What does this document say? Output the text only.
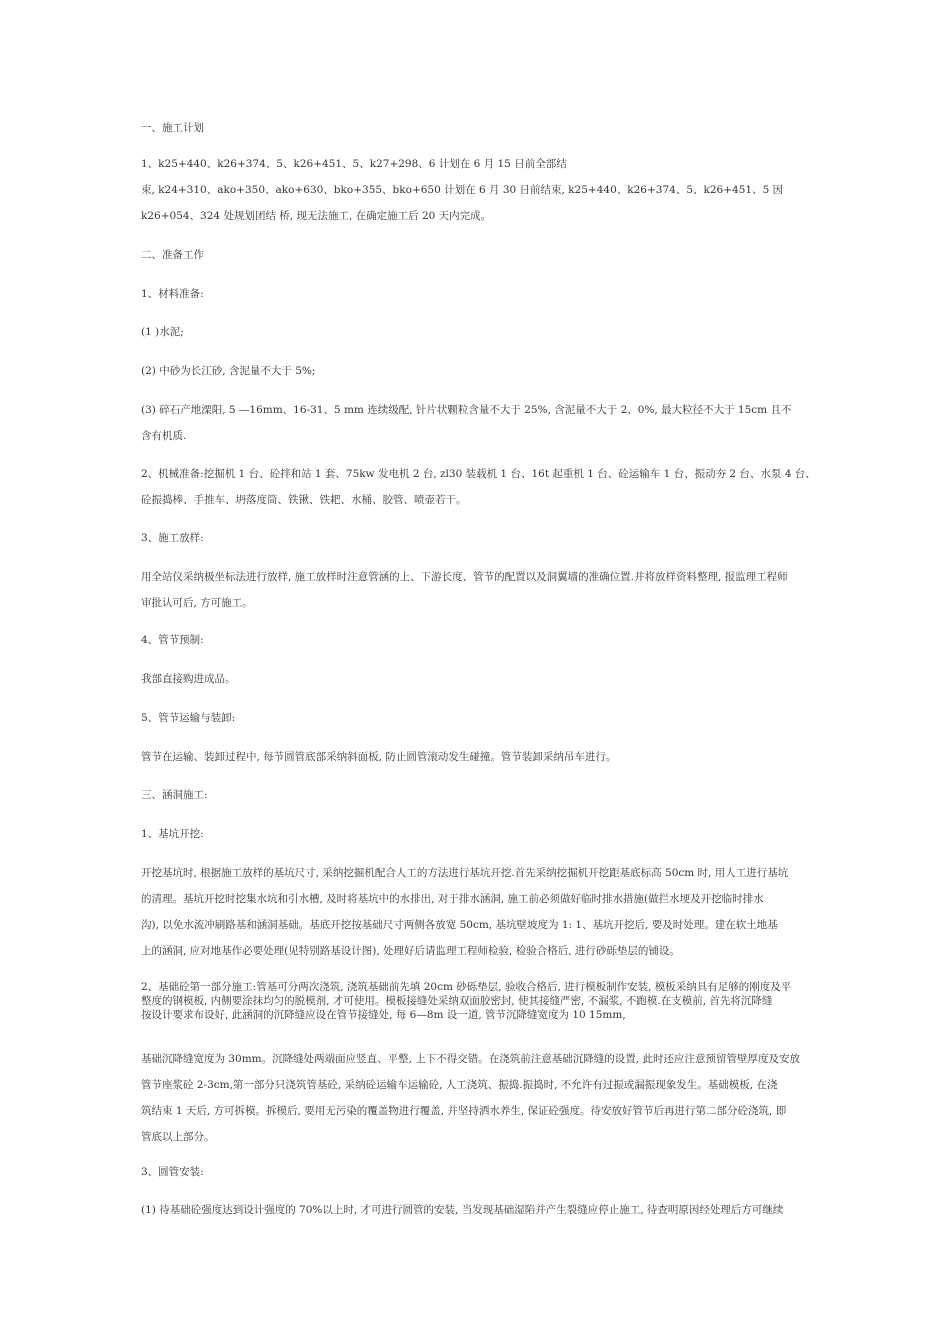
一、施工计划

1、k25+440、k26+374、5、k26+451、5、k27+298、6 计划在 6 月 15 日前全部结
束, k24+310、ako+350、ako+630、bko+355、bko+650 计划在 6 月 30 日前结束, k25+440、k26+374、5、k26+451、5 因
k26+054、324 处规划团结 桥, 现无法施工, 在确定施工后 20 天内完成。

二、准备工作

1、材料准备:

(1 )水泥;

(2) 中砂为长江砂, 含泥量不大于 5%;

(3) 碎石产地溧阳, 5 —16mm、16-31、5 mm 连续级配, 针片状颗粒含量不大于 25%, 含泥量不大于 2、0%, 最大粒径不大于 15cm 且不
含有机质.
2、机械准备:挖掘机 1 台、砼拌和站 1 套、75kw 发电机 2 台, zl30 装载机 1 台、16t 起重机 1 台、砼运输车 1 台、振动夯 2 台、水泵 4 台、
砼振捣棒、手推车、坍落度筒、铁锹、铁耙、水桶、胶管、喷壶若干。

3、施工放样:

用全站仪采纳极坐标法进行放样, 施工放样时注意管涵的上、下游长度、管节的配置以及洞翼墙的准确位置.并将放样资料整理, 报监理工程师
审批认可后, 方可施工。

4、管节预制:

我部直接购进成品。

5、管节运输与装卸:

管节在运输、装卸过程中, 每节圆管底部采纳斜面板, 防止圆管滚动发生碰撞。管节装卸采纳吊车进行。

三、涵洞施工:

1、基坑开挖:

开挖基坑时, 根据施工放样的基坑尺寸, 采纳挖掘机配合人工的方法进行基坑开挖.首先采纳挖掘机开挖距基底标高 50cm 时, 用人工进行基坑
的清理。基坑开挖时挖集水坑和引水槽, 及时将基坑中的水排出, 对于排水涵洞, 施工前必须做好临时排水措施(做拦水埂及开挖临时排水
沟), 以免水流冲刷路基和涵洞基础。基底开挖按基础尺寸两侧各放宽 50cm, 基坑壁坡度为 1: 1、基坑开挖后, 要及时处理。建在软土地基
上的涵洞, 应对地基作必要处理(见特别路基设计图), 处理好后请监理工程师检验, 检验合格后, 进行砂砾垫层的铺设。
2、基础砼第一部分施工:管基可分两次浇筑, 浇筑基础前先填 20cm 砂砾垫层, 验收合格后, 进行模板制作安装, 模板采纳具有足够的刚度及平
整度的钢模板, 内侧要涂抹均匀的脱模剂, 才可使用。模板接缝处采纳双面胶密封, 使其接缝严密, 不漏浆, 不跑模.在支模前, 首先将沉降缝
按设计要求布设好, 此涵洞的沉降缝应设在管节接缝处, 每 6—8m 设一道, 管节沉降缝宽度为 10 15mm,
基础沉降缝宽度为 30mm。沉降缝处两端面应竖直、平整, 上下不得交错。在浇筑前注意基础沉降缝的设置, 此时还应注意预留管壁厚度及安放
管节座浆砼 2-3cm,第一部分只浇筑管基砼, 采纳砼运输车运输砼, 人工浇筑、振捣.振捣时, 不允许有过振或漏振现象发生。基础模板, 在浇
筑结束 1 天后, 方可拆模。拆模后, 要用无污染的覆盖物进行覆盖, 并坚持洒水养生, 保证砼强度。待安放好管节后再进行第二部分砼浇筑, 即
管底以上部分。

3、圆管安装:

(1) 待基础砼强度达到设计强度的 70%以上时, 才可进行圆管的安装, 当发现基础湿陷并产生裂缝应停止施工, 待查明原因经处理后方可继续
